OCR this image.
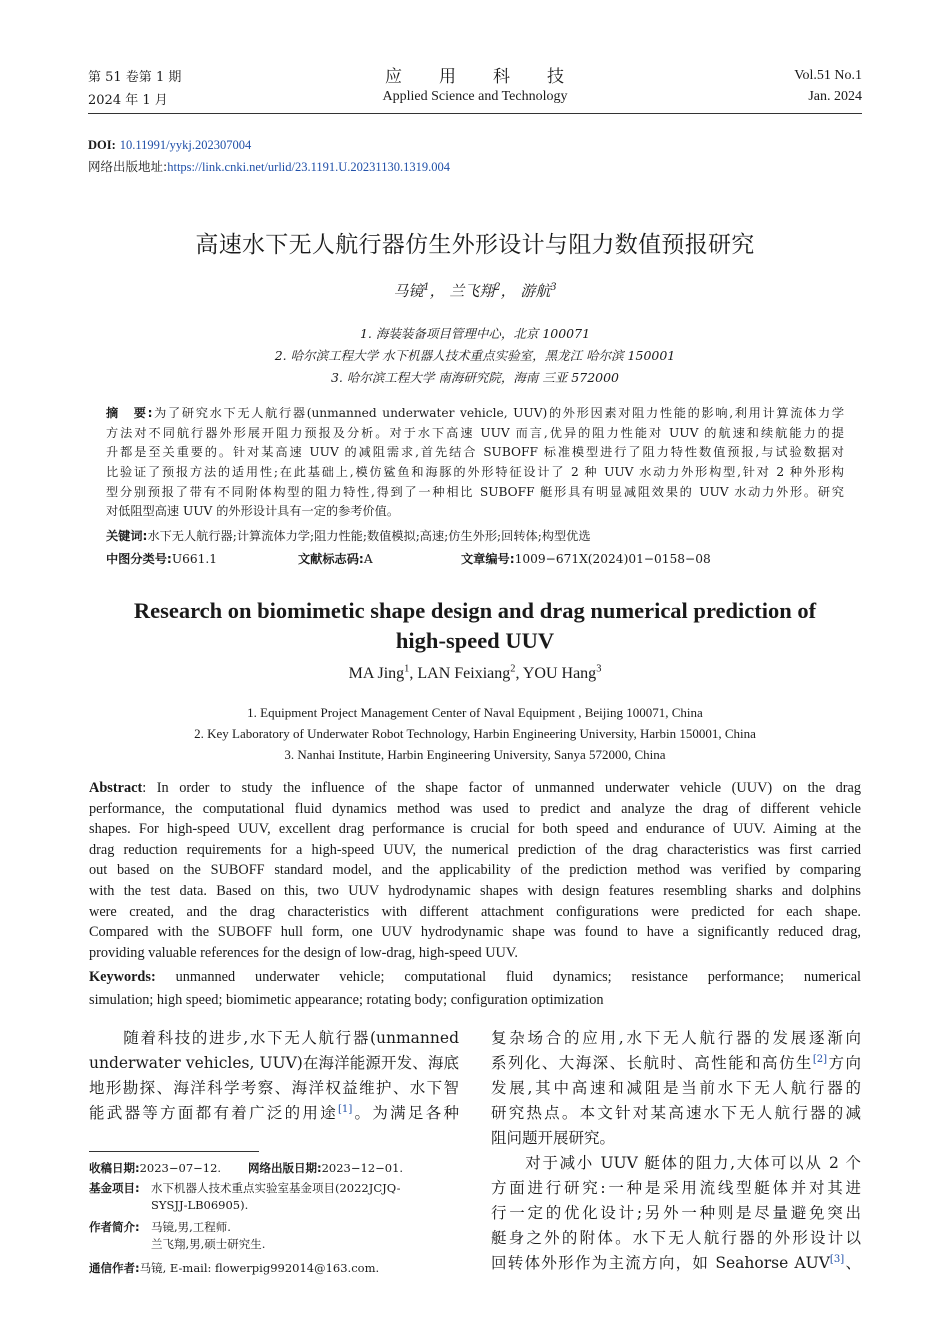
第 51 卷第 1 期
2024 年 1 月
应　　用　　科　　技
Applied Science and Technology
Vol.51 No.1
Jan. 2024
DOI: 10.11991/yykj.202307004
网络出版地址:https://link.cnki.net/urlid/23.1191.U.20231130.1319.004
高速水下无人航行器仿生外形设计与阻力数值预报研究
马镜$^1$， 兰飞翔$^2$， 游航$^3$
1. 海装装备项目管理中心，北京 100071
2. 哈尔滨工程大学 水下机器人技术重点实验室，黑龙江 哈尔滨 150001
3. 哈尔滨工程大学 南海研究院，海南 三亚 572000
摘　要:为了研究水下无人航行器(unmanned underwater vehicle, UUV)的外形因素对阻力性能的影响,利用计算流体力学
方法对不同航行器外形展开阻力预报及分析。对于水下高速 UUV 而言,优异的阻力性能对 UUV 的航速和续航能力的提
升都是至关重要的。针对某高速 UUV 的减阻需求,首先结合 SUBOFF 标准模型进行了阻力特性数值预报,与试验数据对
比验证了预报方法的适用性;在此基础上,模仿鲨鱼和海豚的外形特征设计了 2 种 UUV 水动力外形构型,针对 2 种外形构
型分别预报了带有不同附体构型的阻力特性,得到了一种相比 SUBOFF 艇形具有明显减阻效果的 UUV 水动力外形。研究
对低阻型高速 UUV 的外形设计具有一定的参考价值。
关键词:水下无人航行器;计算流体力学;阻力性能;数值模拟;高速;仿生外形;回转体;构型优选
中图分类号:U661.1	文献标志码:A	文章编号:1009−671X(2024)01−0158−08
Research on biomimetic shape design and drag numerical prediction of
high-speed UUV
MA Jing$^1$, LAN Feixiang$^2$, YOU Hang$^3$
1. Equipment Project Management Center of Naval Equipment , Beijing 100071, China
2. Key Laboratory of Underwater Robot Technology, Harbin Engineering University, Harbin 150001, China
3. Nanhai Institute, Harbin Engineering University, Sanya 572000, China
Abstract: In order to study the influence of the shape factor of unmanned underwater vehicle (UUV) on the drag
performance, the computational fluid dynamics method was used to predict and analyze the drag of different vehicle
shapes. For high-speed UUV, excellent drag performance is crucial for both speed and endurance of UUV. Aiming at the
drag reduction requirements for a high-speed UUV, the numerical prediction of the drag characteristics was first carried
out based on the SUBOFF standard model, and the applicability of the prediction method was verified by comparing
with the test data. Based on this, two UUV hydrodynamic shapes with design features resembling sharks and dolphins
were created, and the drag characteristics with different attachment configurations were predicted for each shape.
Compared with the SUBOFF hull form, one UUV hydrodynamic shape was found to have a significantly reduced drag,
providing valuable references for the design of low-drag, high-speed UUV.
Keywords: unmanned underwater vehicle; computational fluid dynamics; resistance performance; numerical
simulation; high speed; biomimetic appearance; rotating body; configuration optimization
　　随着科技的进步,水下无人航行器(unmanned
underwater vehicles, UUV)在海洋能源开发、海底
地形勘探、海洋科学考察、海洋权益维护、水下智
能武器等方面都有着广泛的用途[1]。为满足各种
收稿日期:2023−07−12. 网络出版日期:2023−12−01.
基金项目: 水下机器人技术重点实验室基金项目(2022JCJQ-
SYSJJ-LB06905).
作者简介: 马镜,男,工程师.
兰飞翔,男,硕士研究生.
通信作者:马镜, E-mail: flowerpig992014@163.com.
复杂场合的应用,水下无人航行器的发展逐渐向
系列化、大海深、长航时、高性能和高仿生[2]方向
发展,其中高速和减阻是当前水下无人航行器的
研究热点。本文针对某高速水下无人航行器的减
阻问题开展研究。
　　对于减小 UUV 艇体的阻力,大体可以从 2 个
方面进行研究:一种是采用流线型艇体并对其进
行一定的优化设计;另外一种则是尽量避免突出
艇身之外的附体。水下无人航行器的外形设计以
回转体外形作为主流方向，如 Seahorse AUV[3]、
